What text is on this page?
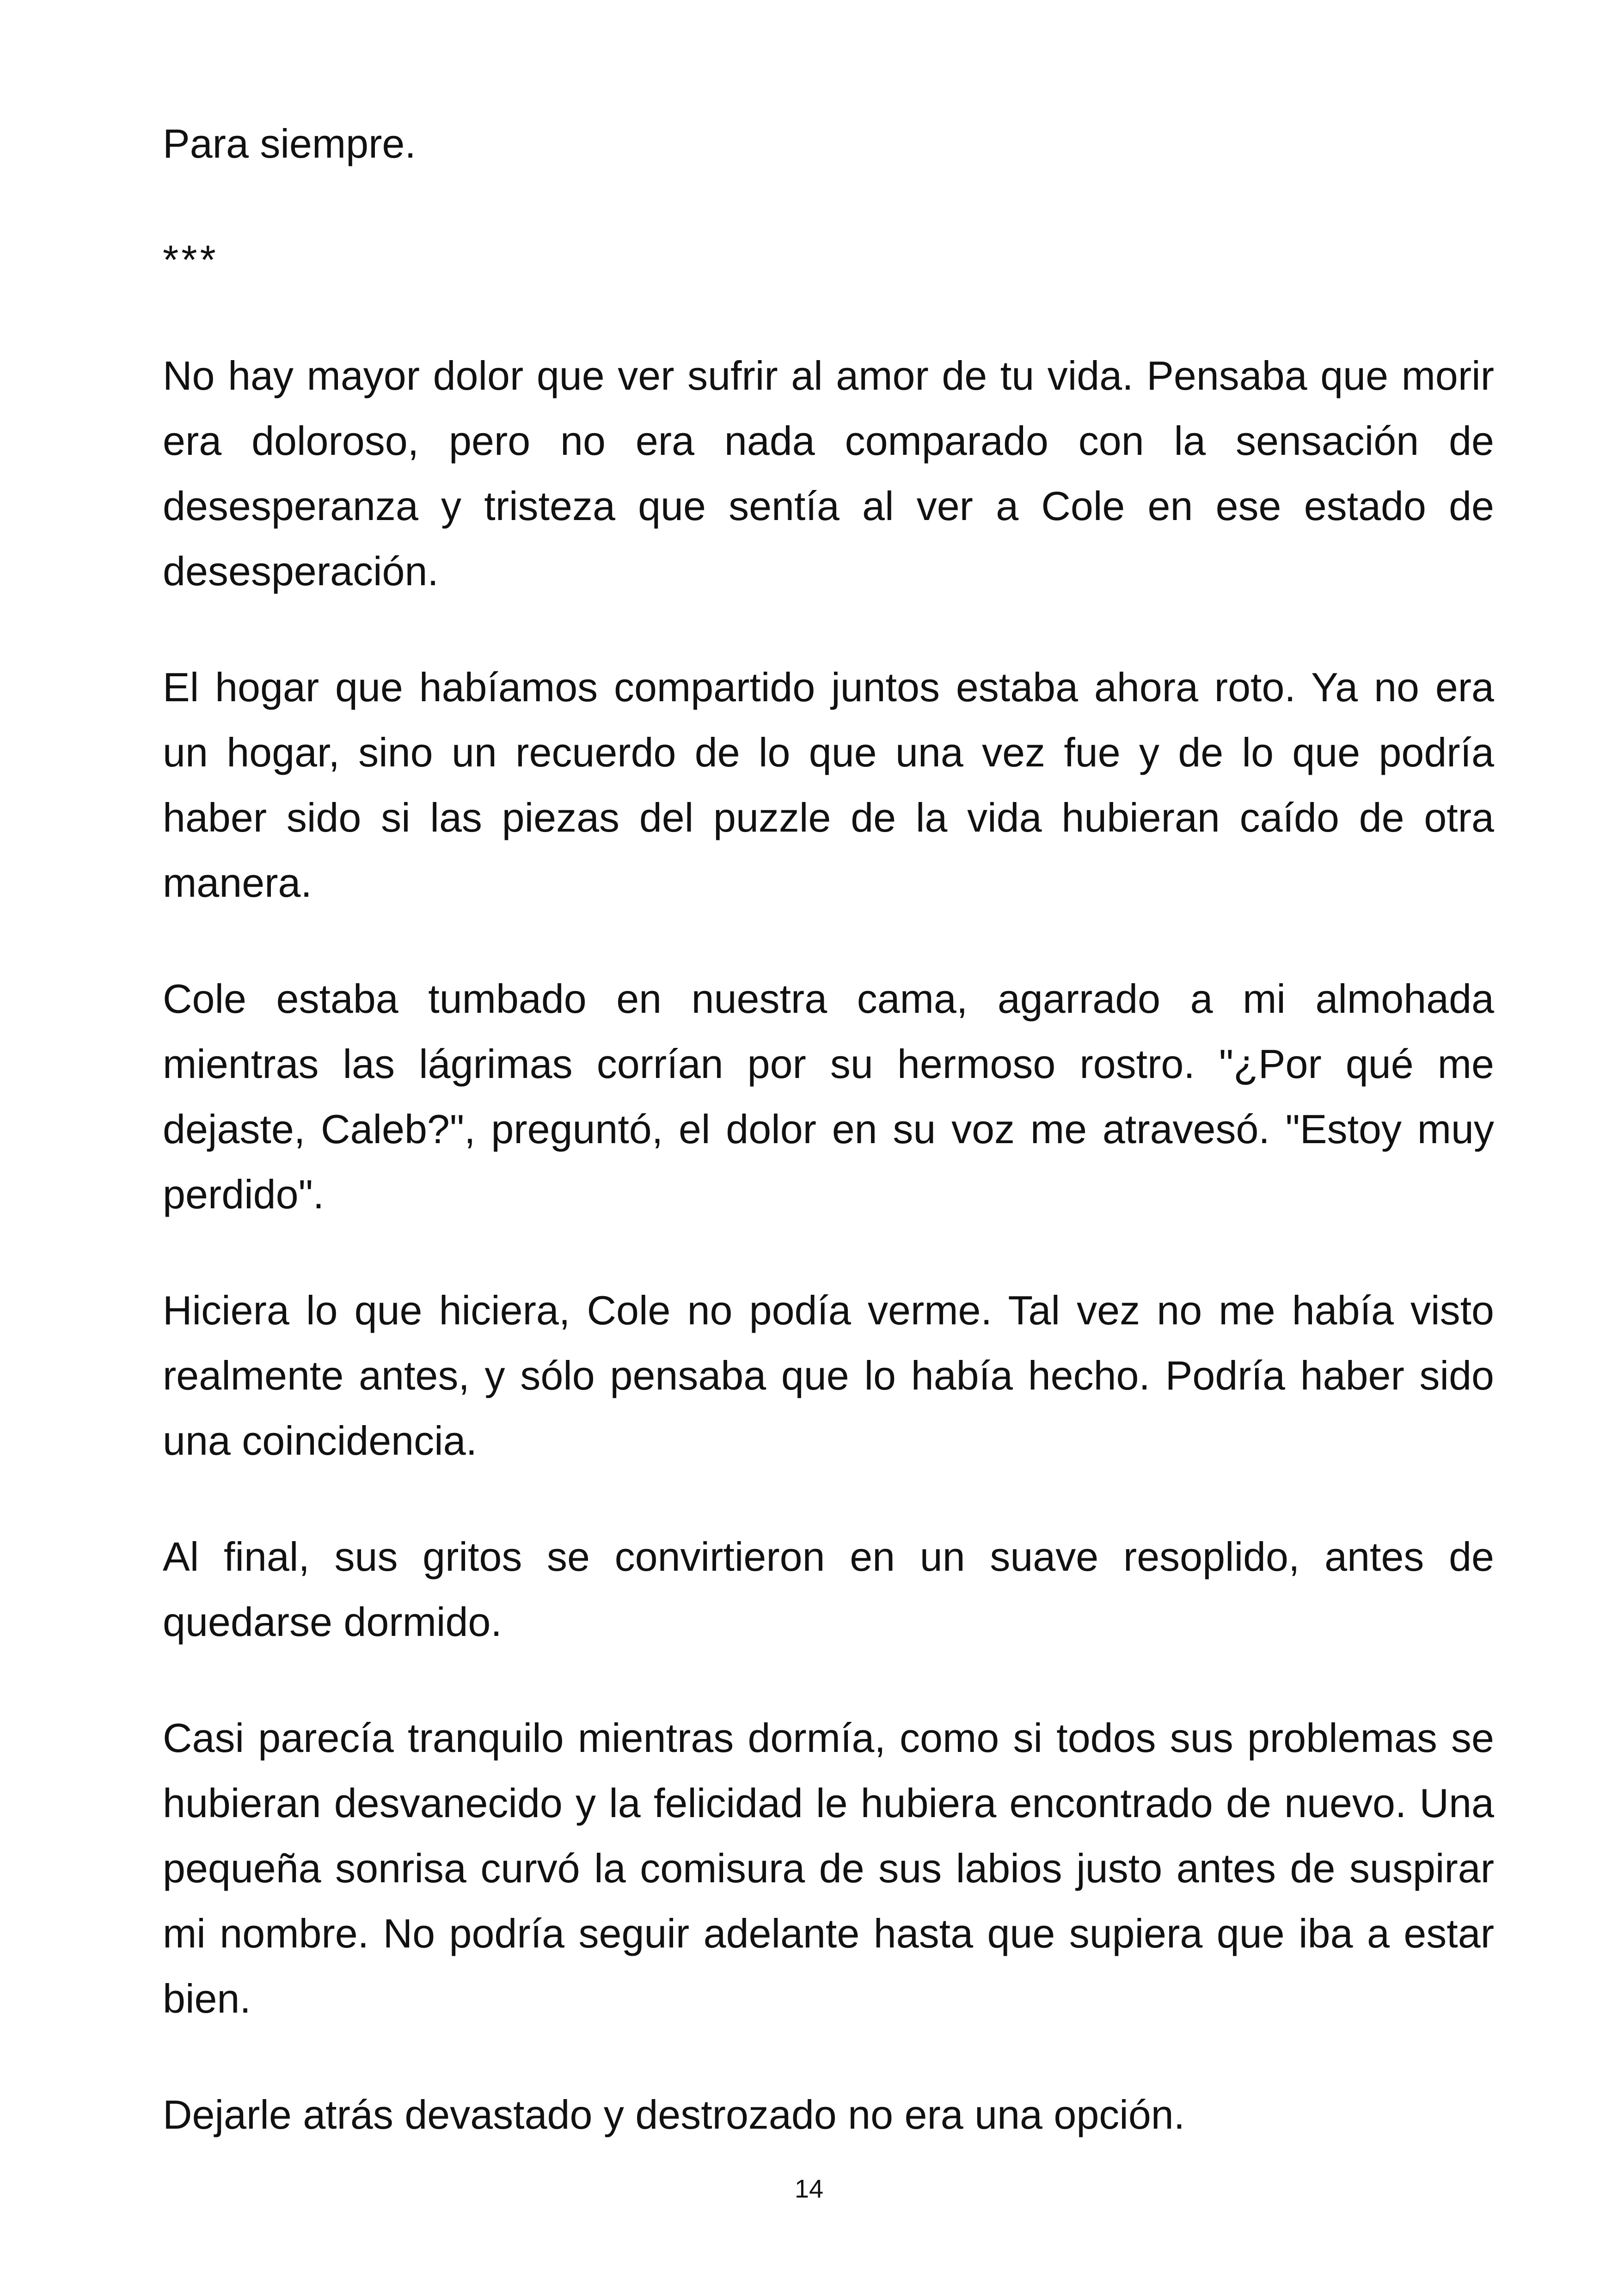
Para siempre.

***

No hay mayor dolor que ver sufrir al amor de tu vida. Pensaba que morir era doloroso, pero no era nada comparado con la sensación de desesperanza y tristeza que sentía al ver a Cole en ese estado de desesperación.

El hogar que habíamos compartido juntos estaba ahora roto. Ya no era un hogar, sino un recuerdo de lo que una vez fue y de lo que podría haber sido si las piezas del puzzle de la vida hubieran caído de otra manera.

Cole estaba tumbado en nuestra cama, agarrado a mi almohada mientras las lágrimas corrían por su hermoso rostro. "¿Por qué me dejaste, Caleb?", preguntó, el dolor en su voz me atravesó. "Estoy muy perdido".

Hiciera lo que hiciera, Cole no podía verme. Tal vez no me había visto realmente antes, y sólo pensaba que lo había hecho. Podría haber sido una coincidencia.

Al final, sus gritos se convirtieron en un suave resoplido, antes de quedarse dormido.

Casi parecía tranquilo mientras dormía, como si todos sus problemas se hubieran desvanecido y la felicidad le hubiera encontrado de nuevo. Una pequeña sonrisa curvó la comisura de sus labios justo antes de suspirar mi nombre. No podría seguir adelante hasta que supiera que iba a estar bien.

Dejarle atrás devastado y destrozado no era una opción.

14
